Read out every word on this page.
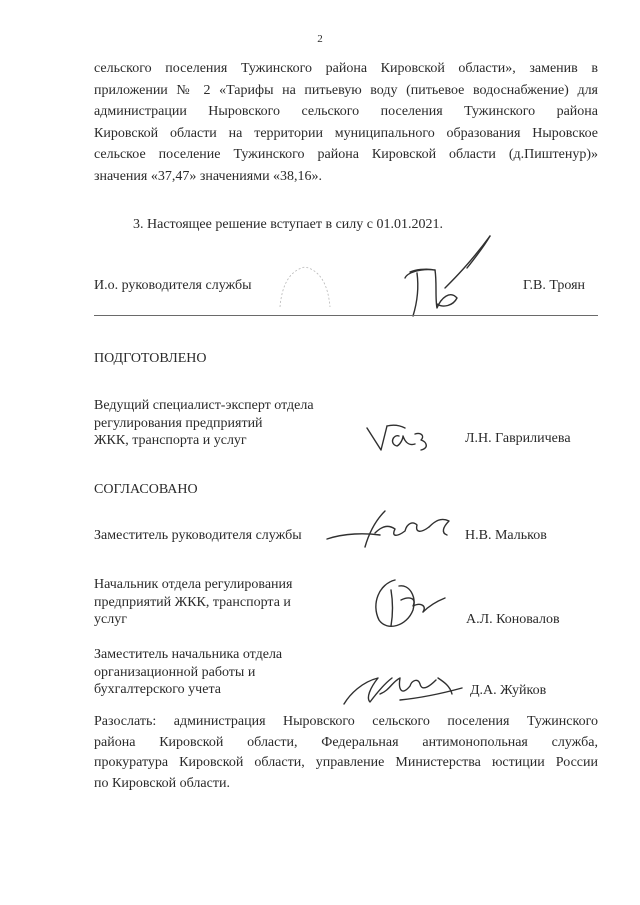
2
сельского поселения Тужинского района Кировской области», заменив в
приложении № 2 «Тарифы на питьевую воду (питьевое водоснабжение) для
администрации Ныровского сельского поселения Тужинского района
Кировской области на территории муниципального образования Ныровское
сельское поселение Тужинского района Кировской области (д.Пиштенур)»
значения «37,47» значениями «38,16».
3. Настоящее решение вступает в силу с 01.01.2021.
И.о. руководителя службы	Г.В. Троян
ПОДГОТОВЛЕНО
Ведущий специалист-эксперт отдела
регулирования предприятий
ЖКК, транспорта и услуг	Л.Н. Гавриличева
СОГЛАСОВАНО
Заместитель руководителя службы	Н.В. Мальков
Начальник отдела регулирования
предприятий ЖКК, транспорта и
услуг	А.Л. Коновалов
Заместитель начальника отдела
организационной работы и
бухгалтерского учета	Д.А. Жуйков
Разослать: администрация Ныровского сельского поселения Тужинского
района Кировской области, Федеральная антимонопольная служба,
прокуратура Кировской области, управление Министерства юстиции России
по Кировской области.
